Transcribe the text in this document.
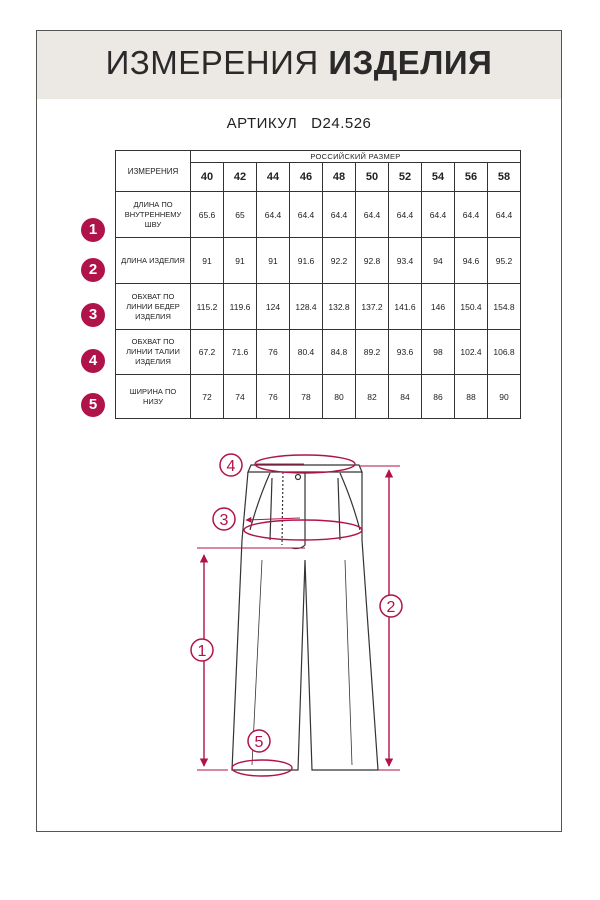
ИЗМЕРЕНИЯ ИЗДЕЛИЯ
АРТИКУЛ D24.526
ИЗМЕРЕНИЯ	РОССИЙСКИЙ РАЗМЕР									
	40	42	44	46	48	50	52	54	56	58
ДЛИНА ПО ВНУТРЕННЕМУ ШВУ	65.6	65	64.4	64.4	64.4	64.4	64.4	64.4	64.4	64.4
ДЛИНА ИЗДЕЛИЯ	91	91	91	91.6	92.2	92.8	93.4	94	94.6	95.2
ОБХВАТ ПО ЛИНИИ БЕДЕР ИЗДЕЛИЯ	115.2	119.6	124	128.4	132.8	137.2	141.6	146	150.4	154.8
ОБХВАТ ПО ЛИНИИ ТАЛИИ ИЗДЕЛИЯ	67.2	71.6	76	80.4	84.8	89.2	93.6	98	102.4	106.8
ШИРИНА ПО НИЗУ	72	74	76	78	80	82	84	86	88	90
1
2
3
4
5
4
3
1
2
5
